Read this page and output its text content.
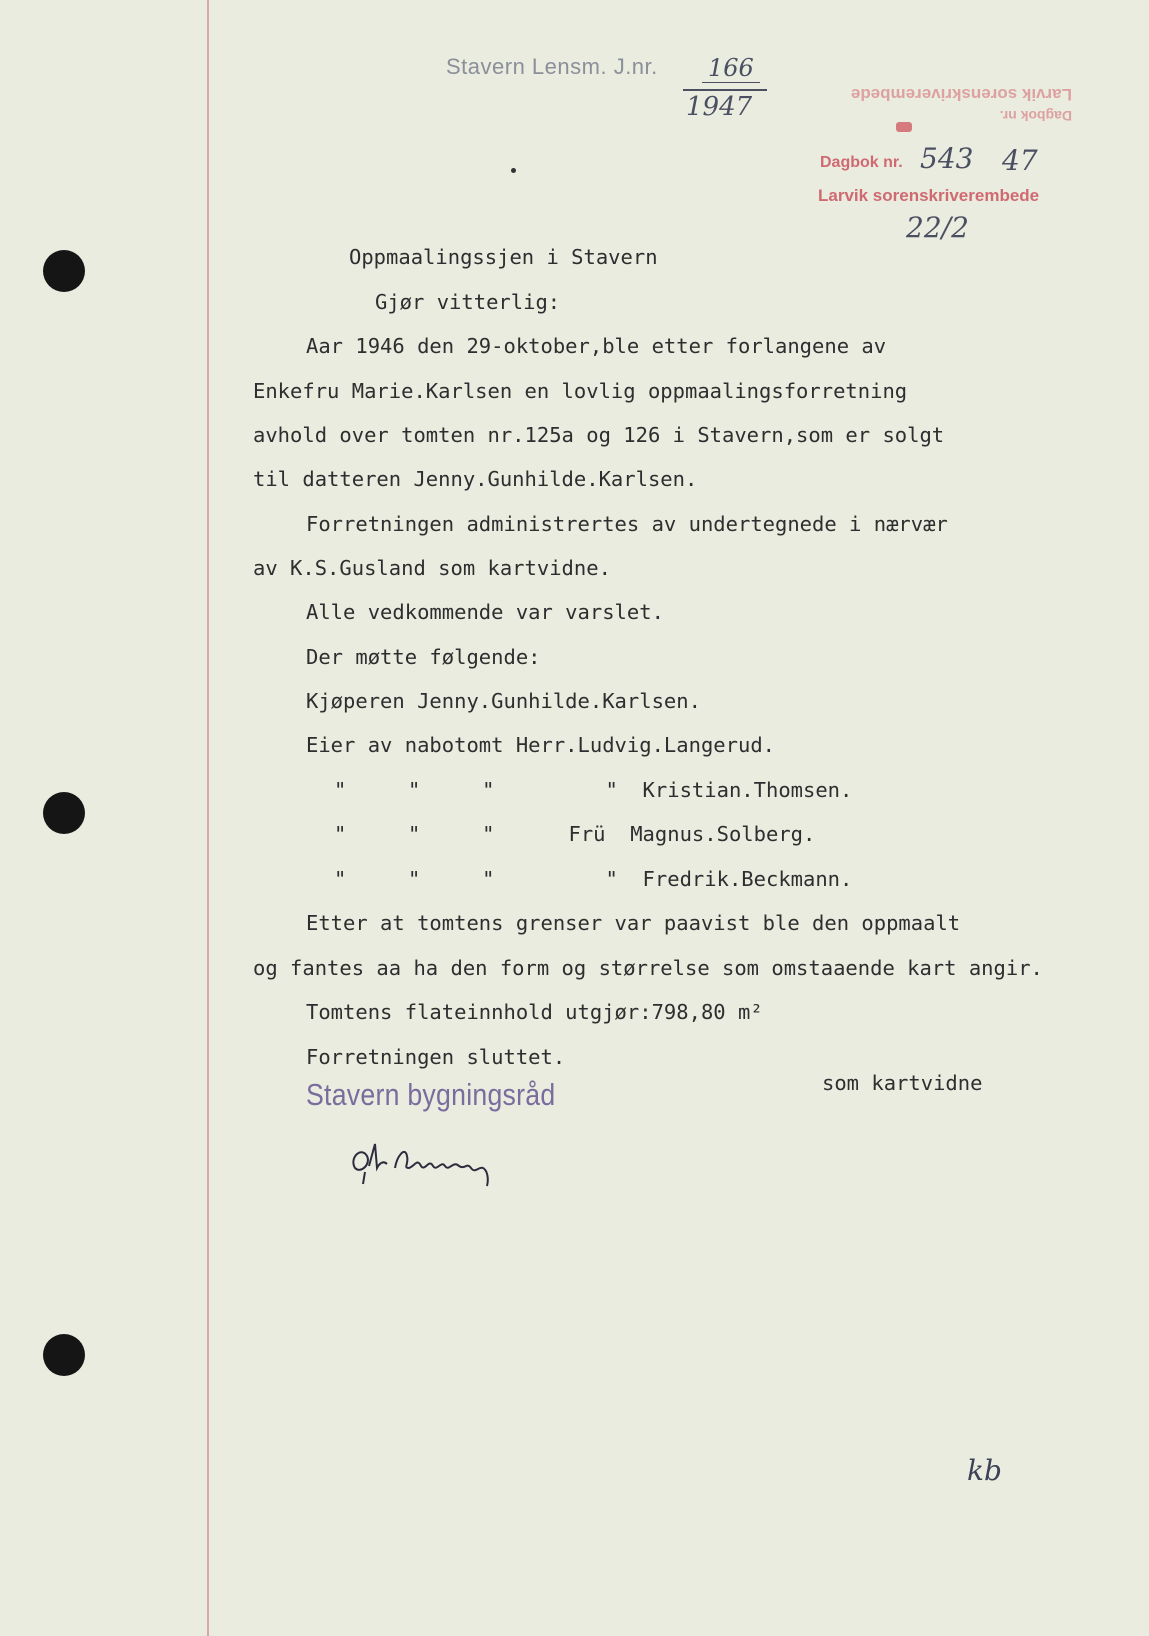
Stavern Lensm. J.nr. 166
1947	Larvik sorenskriverembede
Dagbok nr.
Dagbok nr. 543 47
Larvik sorenskriverembede
22/2
Oppmaalingssjen i Stavern
Gjør vitterlig:
Aar 1946 den 29-oktober,ble etter forlangene av
Enkefru Marie.Karlsen en lovlig oppmaalingsforretning
avhold over tomten nr.125a og 126 i Stavern,som er solgt
til datteren Jenny.Gunhilde.Karlsen.
Forretningen administrertes av undertegnede i nærvær
av K.S.Gusland som kartvidne.
Alle vedkommende var varslet.
Der møtte følgende:
Kjøperen Jenny.Gunhilde.Karlsen.
Eier av nabotomt Herr.Ludvig.Langerud.
"     "     "         "  Kristian.Thomsen.
"     "     "      Frü  Magnus.Solberg.
"     "     "         "  Fredrik.Beckmann.
Etter at tomtens grenser var paavist ble den oppmaalt
og fantes aa ha den form og størrelse som omstaaende kart angir.
Tomtens flateinnhold utgjør:798,80 m²
Forretningen sluttet.
som kartvidne
Stavern bygningsråd
kb
